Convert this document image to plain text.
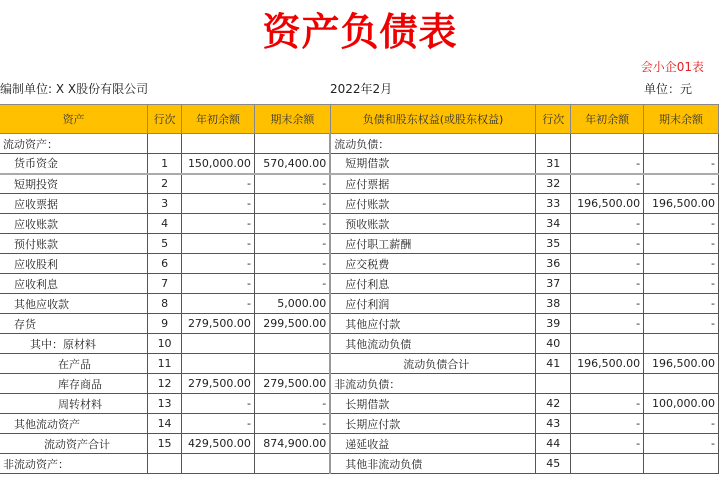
资产负债表
会小企01表
编制单位: X X股份有限公司	2022年2月	单位：元
资产	行次	年初余额	期末余额	负债和股东权益(或股东权益)	行次	年初余额	期末余额
流动资产：				流动负债：			
货币资金	1	150,000.00	570,400.00	短期借款	31	-	-
短期投资	2	-	-	应付票据	32	-	-
应收票据	3	-	-	应付账款	33	196,500.00	196,500.00
应收账款	4	-	-	预收账款	34	-	-
预付账款	5	-	-	应付职工薪酬	35	-	-
应收股利	6	-	-	应交税费	36	-	-
应收利息	7	-	-	应付利息	37	-	-
其他应收款	8	-	5,000.00	应付利润	38	-	-
存货	9	279,500.00	299,500.00	其他应付款	39	-	-
其中：原材料	10			其他流动负债	40		
在产品	11			流动负债合计	41	196,500.00	196,500.00
库存商品	12	279,500.00	279,500.00	非流动负债：			
周转材料	13	-	-	长期借款	42	-	100,000.00
其他流动资产	14	-	-	长期应付款	43	-	-
流动资产合计	15	429,500.00	874,900.00	递延收益	44	-	-
非流动资产：				其他非流动负债	45		
